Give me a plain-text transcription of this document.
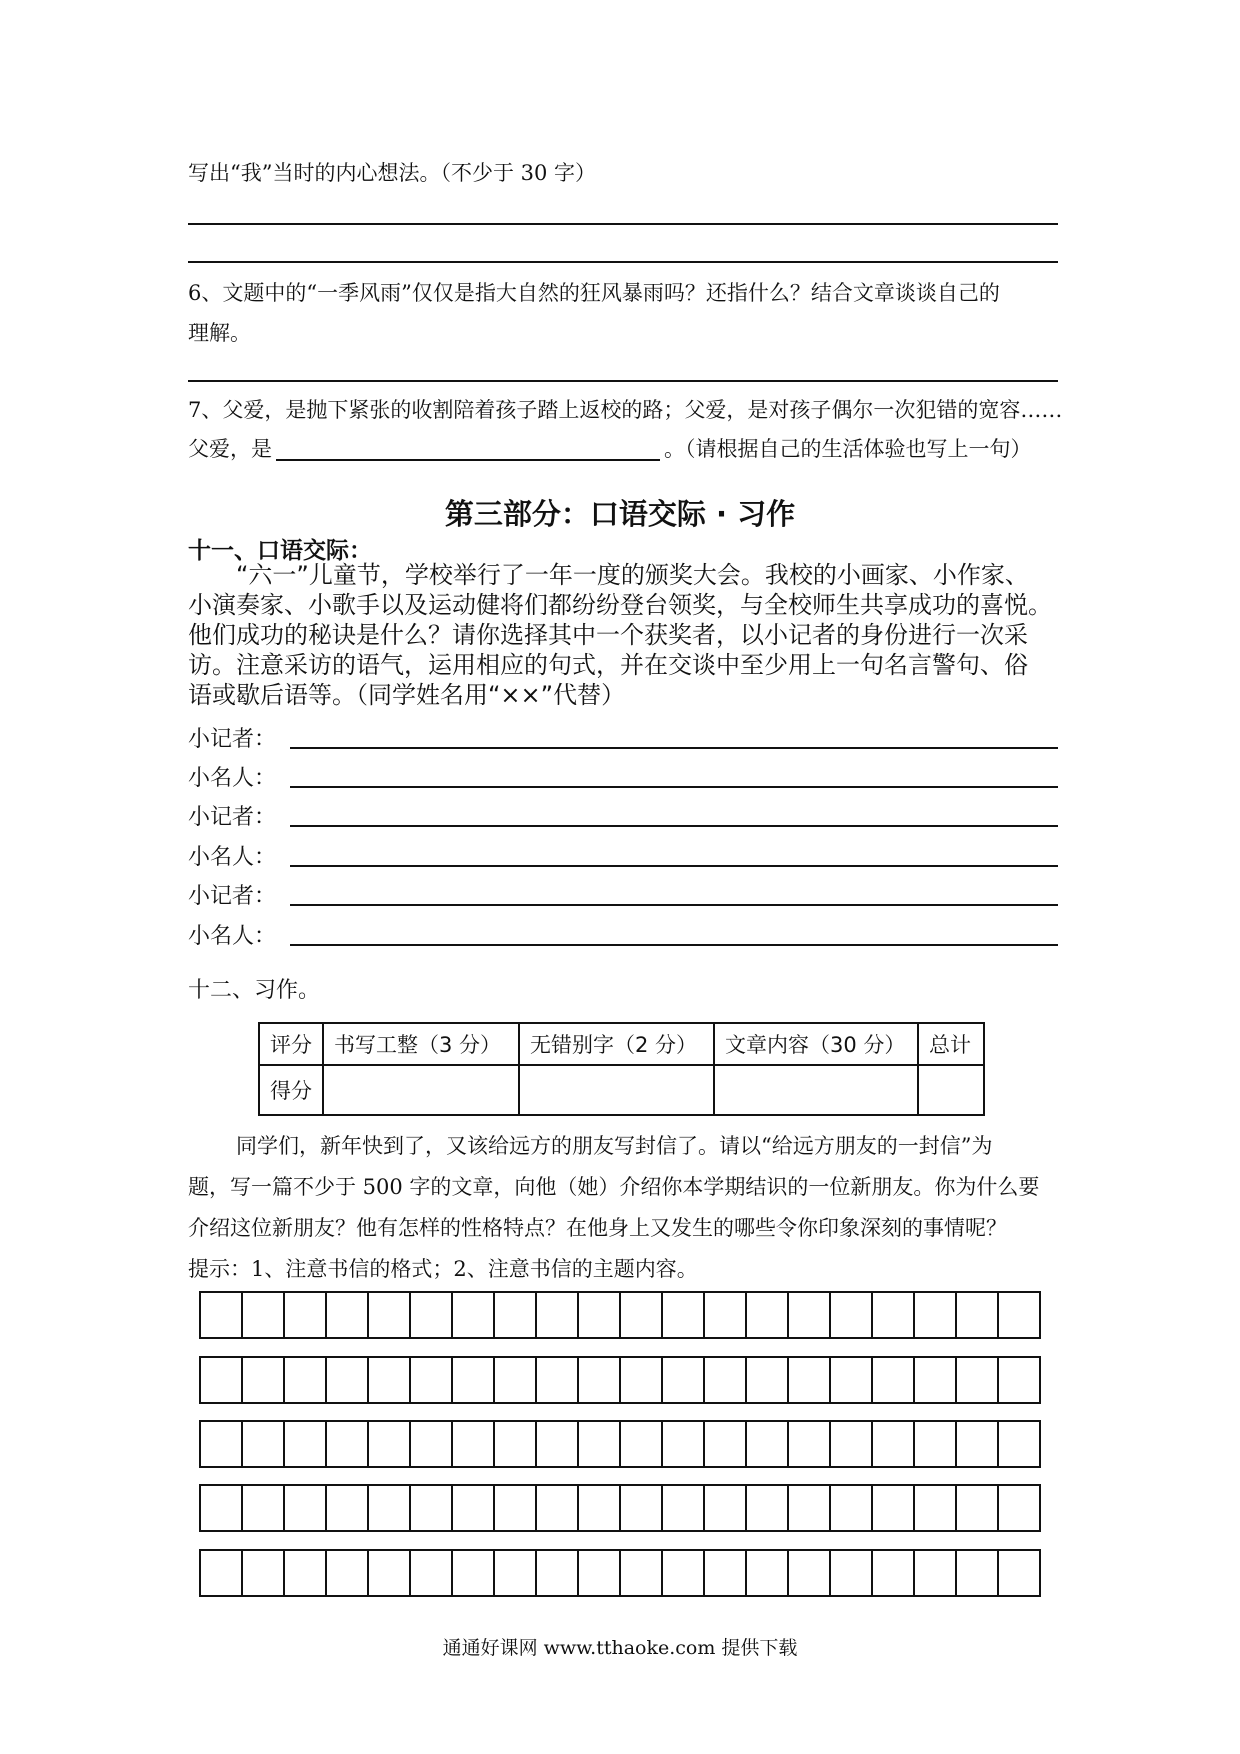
写出“我”当时的内心想法。（不少于 30 字）
6、文题中的“一季风雨”仅仅是指大自然的狂风暴雨吗？还指什么？结合文章谈谈自己的
理解。
7、父爱，是抛下紧张的收割陪着孩子踏上返校的路；父爱，是对孩子偶尔一次犯错的宽容……
父爱，是	。（请根据自己的生活体验也写上一句）
第三部分：口语交际 · 习作
十一、口语交际：
“六一”儿童节，学校举行了一年一度的颁奖大会。我校的小画家、小作家、
小演奏家、小歌手以及运动健将们都纷纷登台领奖，与全校师生共享成功的喜悦。
他们成功的秘诀是什么？请你选择其中一个获奖者，以小记者的身份进行一次采
访。注意采访的语气，运用相应的句式，并在交谈中至少用上一句名言警句、俗
语或歇后语等。（同学姓名用“××”代替）
小记者：
小名人：
小记者：
小名人：
小记者：
小名人：
十二、习作。
评分	书写工整（3 分）	无错别字（2 分）	文章内容（30 分）	总计
得分				
同学们，新年快到了，又该给远方的朋友写封信了。请以“给远方朋友的一封信”为
题，写一篇不少于 500 字的文章，向他（她）介绍你本学期结识的一位新朋友。你为什么要
介绍这位新朋友？他有怎样的性格特点？在他身上又发生的哪些令你印象深刻的事情呢？
提示：1、注意书信的格式；2、注意书信的主题内容。
通通好课网 www.tthaoke.com 提供下载
